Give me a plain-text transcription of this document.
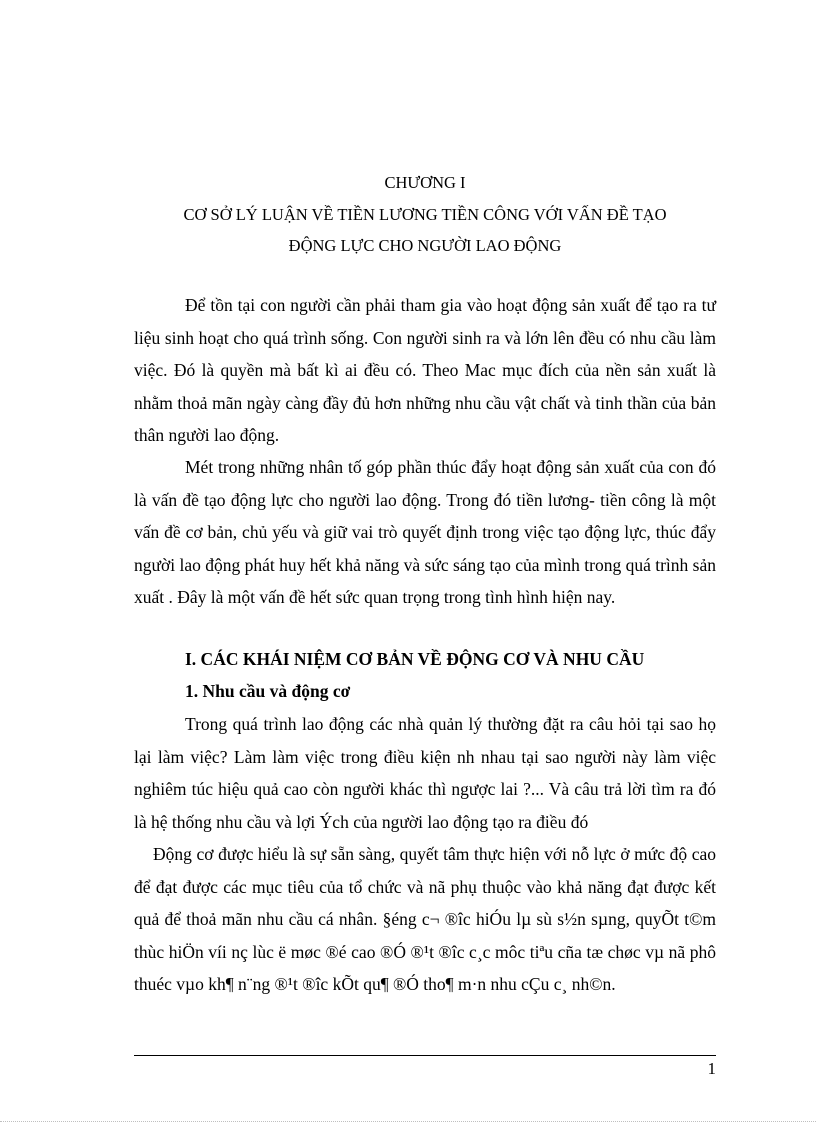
CHƯƠNG I
CƠ SỞ LÝ LUẬN VỀ TIỀN LƯƠNG TIỀN CÔNG VỚI VẤN ĐỀ TẠO
ĐỘNG LỰC CHO NGƯỜI LAO ĐỘNG

Để tồn tại con người cần phải tham gia vào hoạt động sản xuất để tạo ra tư liệu sinh hoạt cho quá trình sống. Con người sinh ra và lớn lên đều có nhu cầu làm việc. Đó là quyền mà bất kì ai đều có. Theo Mac mục đích của nền sản xuất là nhằm thoả mãn ngày càng đầy đủ hơn những nhu cầu vật chất và tinh thần của bản thân người lao động.

Mét trong những nhân tố góp phần thúc đẩy hoạt động sản xuất của con đó là vấn đề tạo động lực cho người lao động. Trong đó tiền lương- tiền công là một vấn đề cơ bản, chủ yếu và giữ vai trò quyết định trong việc tạo động lực, thúc đẩy người lao động phát huy hết khả năng và sức sáng tạo của mình trong quá trình sản xuất . Đây là một vấn đề hết sức quan trọng trong tình hình hiện nay.

I. CÁC KHÁI NIỆM CƠ BẢN VỀ ĐỘNG CƠ VÀ NHU CẦU
1. Nhu cầu và động cơ

Trong quá trình lao động các nhà quản lý thường đặt ra câu hỏi tại sao họ lại làm việc? Làm làm việc trong điều kiện nh nhau tại sao người này làm việc nghiêm túc hiệu quả cao còn người khác thì ngược lai ?... Và câu trả lời tìm ra đó là hệ thống nhu cầu và lợi Ých của người lao động tạo ra điều đó

Động cơ được hiểu là sự sẵn sàng, quyết tâm thực hiện với nỗ lực ở mức độ cao để đạt được các mục tiêu của tổ chức và nã phụ thuộc vào khả năng đạt được kết quả để thoả mãn nhu cầu cá nhân. §éng c¬ ®îc hiÓu lµ sù s½n sµng, quyÕt t©m thùc hiÖn víi nç lùc ë møc ®é cao ®Ó ®¹t ®îc c¸c môc tiªu cña tæ chøc vµ nã phô thuéc vµo kh¶ n¨ng ®¹t ®îc kÕt qu¶ ®Ó tho¶ m·n nhu cÇu c¸ nh©n.

1
